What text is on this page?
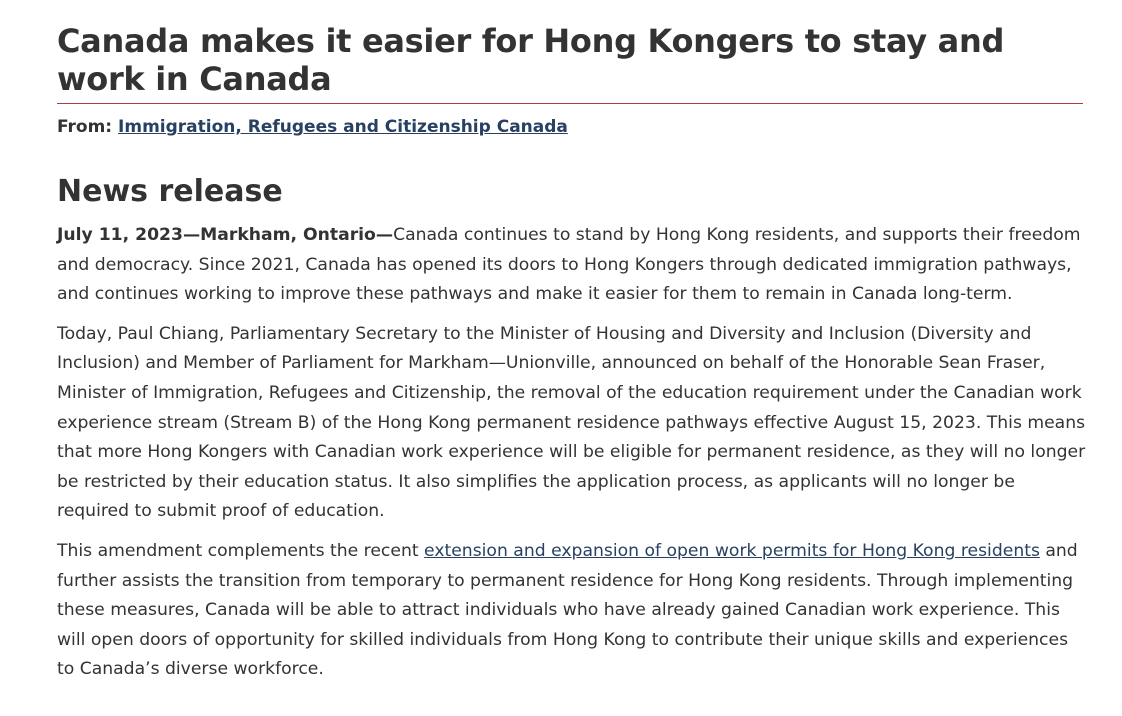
Canada makes it easier for Hong Kongers to stay and work in Canada
From: Immigration, Refugees and Citizenship Canada
News release

July 11, 2023—Markham, Ontario—Canada continues to stand by Hong Kong residents, and supports their freedom and democracy. Since 2021, Canada has opened its doors to Hong Kongers through dedicated immigration pathways, and continues working to improve these pathways and make it easier for them to remain in Canada long-term.

Today, Paul Chiang, Parliamentary Secretary to the Minister of Housing and Diversity and Inclusion (Diversity and Inclusion) and Member of Parliament for Markham—Unionville, announced on behalf of the Honorable Sean Fraser, Minister of Immigration, Refugees and Citizenship, the removal of the education requirement under the Canadian work experience stream (Stream B) of the Hong Kong permanent residence pathways effective August 15, 2023. This means that more Hong Kongers with Canadian work experience will be eligible for permanent residence, as they will no longer be restricted by their education status. It also simplifies the application process, as applicants will no longer be required to submit proof of education.

This amendment complements the recent extension and expansion of open work permits for Hong Kong residents and further assists the transition from temporary to permanent residence for Hong Kong residents. Through implementing these measures, Canada will be able to attract individuals who have already gained Canadian work experience. This will open doors of opportunity for skilled individuals from Hong Kong to contribute their unique skills and experiences to Canada’s diverse workforce.
